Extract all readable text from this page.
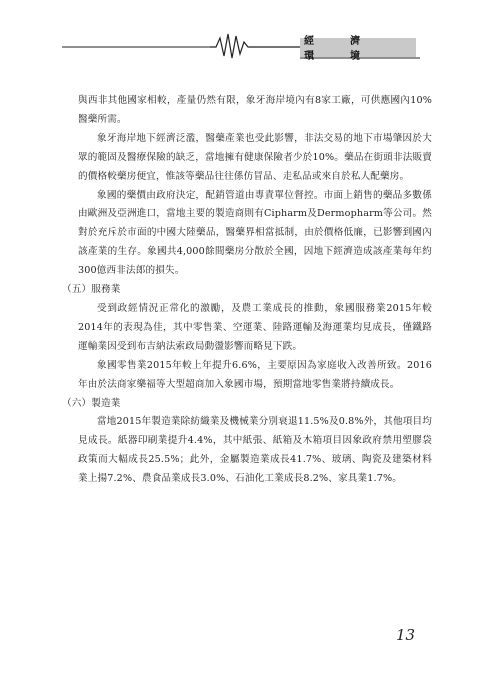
經　濟　環　境

與西非其他國家相較，產量仍然有限，象牙海岸境內有8家工廠，可供應國內10%醫藥所需。

象牙海岸地下經濟泛濫，醫藥產業也受此影響，非法交易的地下市場肇因於大眾的範固及醫療保險的缺乏，當地擁有健康保險者少於10%。藥品在街頭非法販賣的價格較藥房便宜，惟該等藥品往往係仿冒品、走私品或來自於私人配藥房。

象國的藥價由政府決定，配銷管道由專責單位督控。市面上銷售的藥品多數係由歐洲及亞洲進口，當地主要的製造商則有Cipharm及Dermopharm等公司。然對於充斥於市面的中國大陸藥品，醫藥界相當抵制，由於價格低廉，已影響到國內該產業的生存。象國共4,000餘間藥房分散於全國，因地下經濟造成該產業每年約300億西非法郎的損失。

（五）服務業

受到政經情況正常化的激勵，及農工業成長的推動，象國服務業2015年較2014年的表現為佳，其中零售業、空運業、陸路運輸及海運業均見成長，僅鐵路運輸業因受到布吉納法索政局動盪影響而略見下跌。

象國零售業2015年較上年提升6.6%，主要原因為家庭收入改善所致。2016年由於法商家樂福等大型超商加入象國市場，預期當地零售業將持續成長。

（六）製造業

當地2015年製造業除紡織業及機械業分別衰退11.5%及0.8%外，其他項目均見成長。紙器印刷業提升4.4%，其中紙張、紙箱及木箱項目因象政府禁用塑膠袋政策而大幅成長25.5%；此外，金屬製造業成長41.7%、玻璃、陶瓷及建築材料業上揚7.2%、農食品業成長3.0%、石油化工業成長8.2%、家具業1.7%。

13
